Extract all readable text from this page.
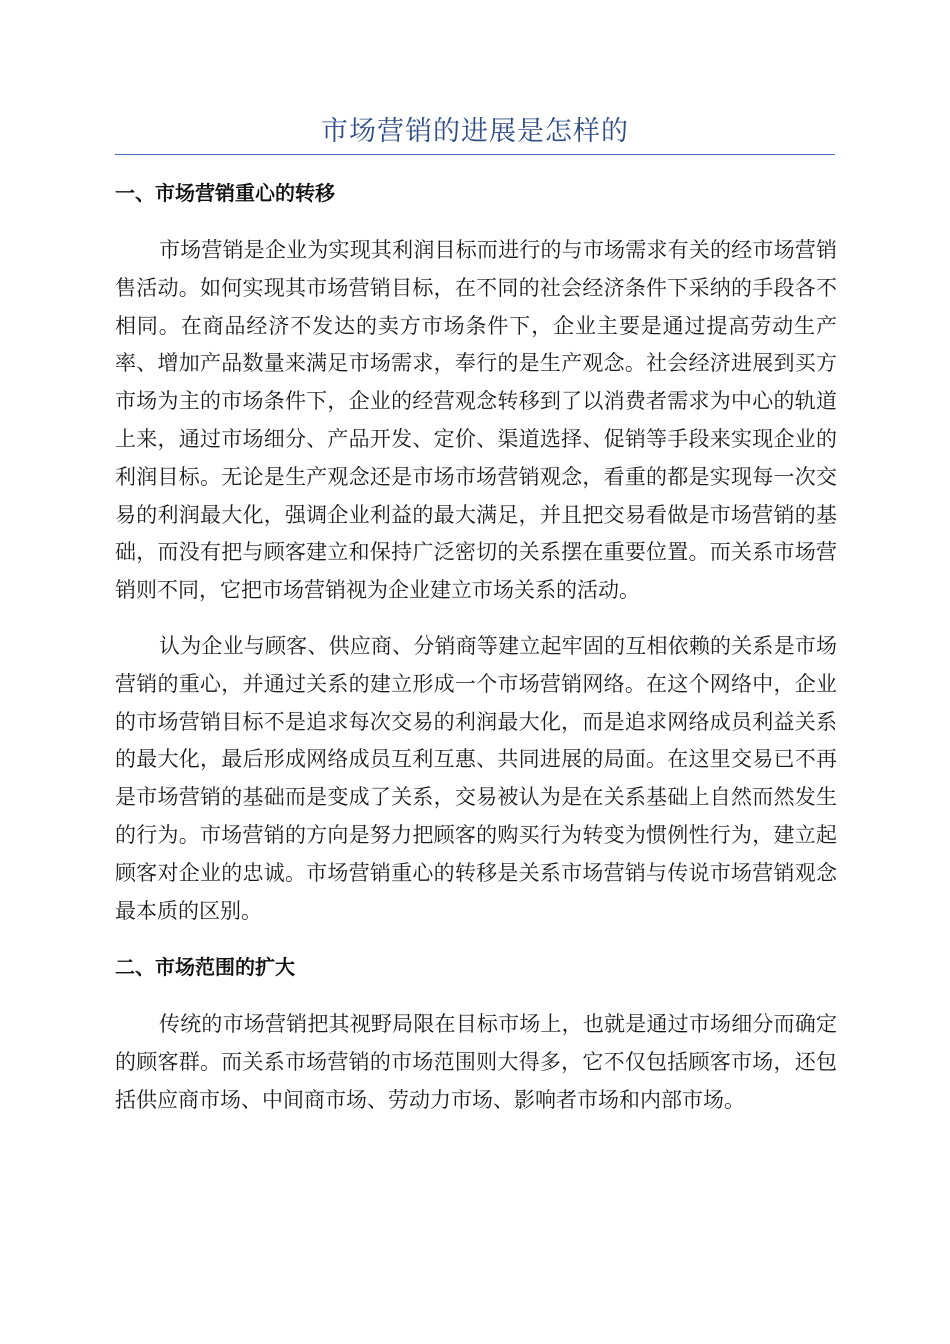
市场营销的进展是怎样的
一、市场营销重心的转移

市场营销是企业为实现其利润目标而进行的与市场需求有关的经市场营销售活动。如何实现其市场营销目标，在不同的社会经济条件下采纳的手段各不相同。在商品经济不发达的卖方市场条件下，企业主要是通过提高劳动生产率、增加产品数量来满足市场需求，奉行的是生产观念。社会经济进展到买方市场为主的市场条件下，企业的经营观念转移到了以消费者需求为中心的轨道上来，通过市场细分、产品开发、定价、渠道选择、促销等手段来实现企业的利润目标。无论是生产观念还是市场市场营销观念，看重的都是实现每一次交易的利润最大化，强调企业利益的最大满足，并且把交易看做是市场营销的基础，而没有把与顾客建立和保持广泛密切的关系摆在重要位置。而关系市场营销则不同，它把市场营销视为企业建立市场关系的活动。

认为企业与顾客、供应商、分销商等建立起牢固的互相依赖的关系是市场营销的重心，并通过关系的建立形成一个市场营销网络。在这个网络中，企业的市场营销目标不是追求每次交易的利润最大化，而是追求网络成员利益关系的最大化，最后形成网络成员互利互惠、共同进展的局面。在这里交易已不再是市场营销的基础而是变成了关系，交易被认为是在关系基础上自然而然发生的行为。市场营销的方向是努力把顾客的购买行为转变为惯例性行为，建立起顾客对企业的忠诚。市场营销重心的转移是关系市场营销与传说市场营销观念最本质的区别。

二、市场范围的扩大

传统的市场营销把其视野局限在目标市场上，也就是通过市场细分而确定的顾客群。而关系市场营销的市场范围则大得多，它不仅包括顾客市场，还包括供应商市场、中间商市场、劳动力市场、影响者市场和内部市场。
